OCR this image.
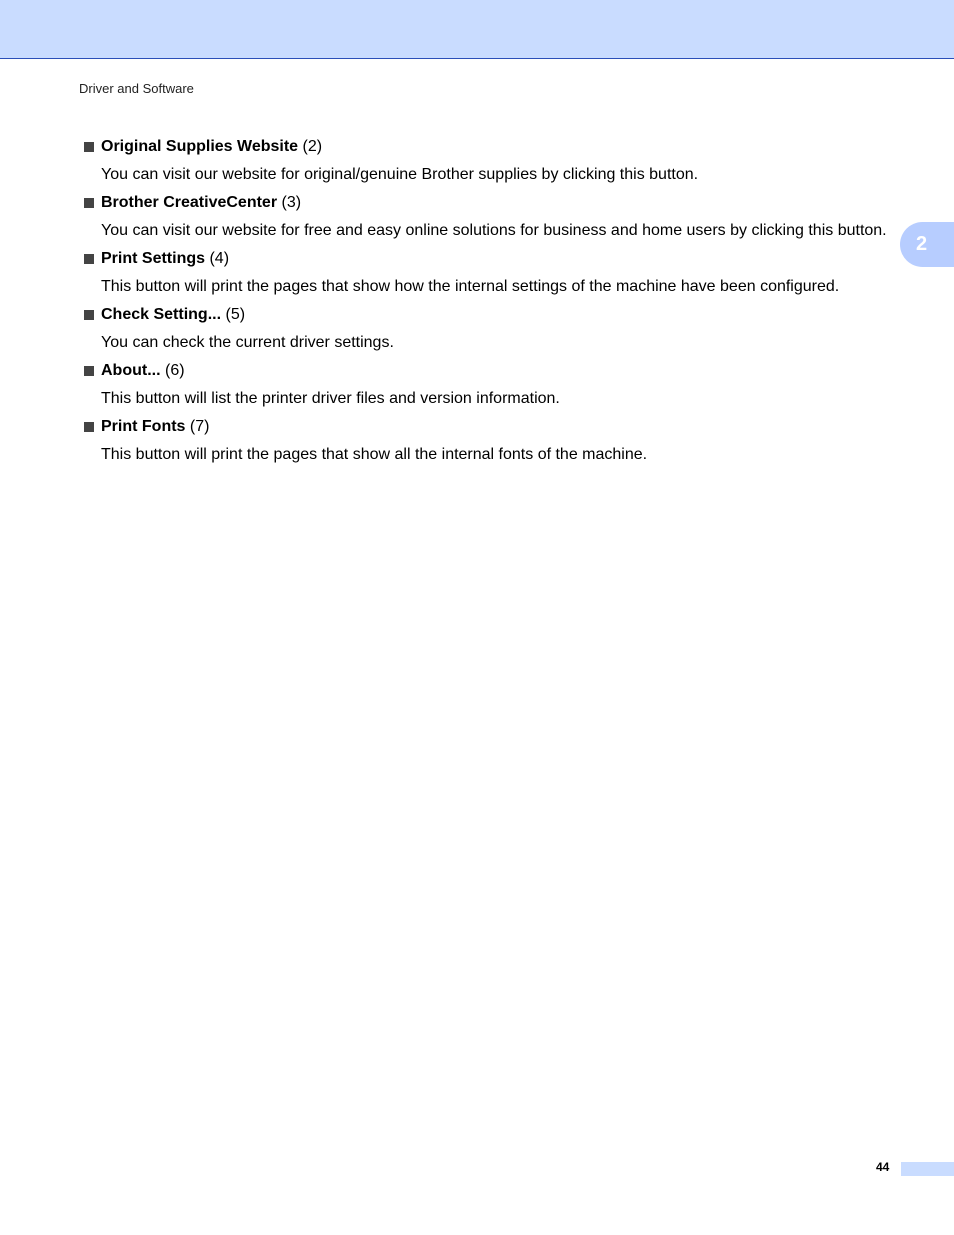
Driver and Software
2
Original Supplies Website
(2)
You can visit our website for original/genuine Brother supplies by clicking this button.
Brother CreativeCenter
(3)
You can visit our website for free and easy online solutions for business and home users by clicking this button.
Print Settings
(4)
This button will print the pages that show how the internal settings of the machine have been configured.
Check Setting...
(5)
You can check the current driver settings.
About...
(6)
This button will list the printer driver files and version information.
Print Fonts
(7)
This button will print the pages that show all the internal fonts of the machine.
44
